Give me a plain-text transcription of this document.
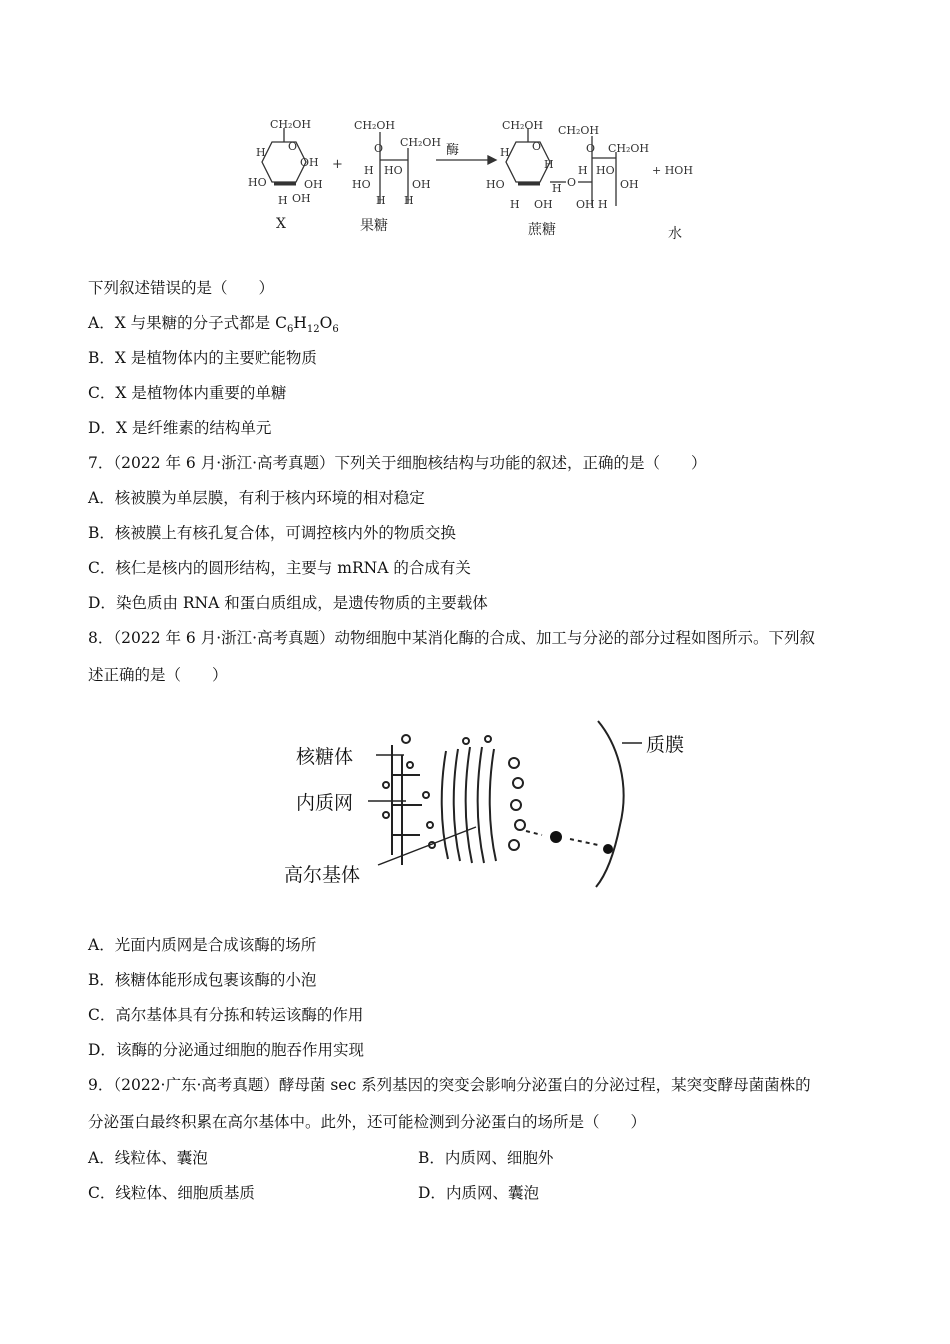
CH₂OH
O
H
OH
HO	OH
OH
H
+
CH₂OH
O CH₂OH
H HO
HO	OH
H H
酶
CH₂OH
O
H
H
HO	H
H OH
O
CH₂OH
O CH₂OH
H HO
OH
OH H
+ HOH
X	果糖	蔗糖	水
下列叙述错误的是（　　）
A．X 与果糖的分子式都是 $C_6H_{12}O_6$
B．X 是植物体内的主要贮能物质
C．X 是植物体内重要的单糖
D．X 是纤维素的结构单元
7．（2022 年 6 月·浙江·高考真题）下列关于细胞核结构与功能的叙述，正确的是（　　）
A．核被膜为单层膜，有利于核内环境的相对稳定
B．核被膜上有核孔复合体，可调控核内外的物质交换
C．核仁是核内的圆形结构，主要与 mRNA 的合成有关
D．染色质由 RNA 和蛋白质组成，是遗传物质的主要载体
8．（2022 年 6 月·浙江·高考真题）动物细胞中某消化酶的合成、加工与分泌的部分过程如图所示。下列叙
述正确的是（　　）
核糖体
内质网
高尔基体
质膜
A．光面内质网是合成该酶的场所
B．核糖体能形成包裹该酶的小泡
C．高尔基体具有分拣和转运该酶的作用
D．该酶的分泌通过细胞的胞吞作用实现
9．（2022·广东·高考真题）酵母菌 sec 系列基因的突变会影响分泌蛋白的分泌过程，某突变酵母菌菌株的
分泌蛋白最终积累在高尔基体中。此外，还可能检测到分泌蛋白的场所是（　　）
A．线粒体、囊泡	B．内质网、细胞外
C．线粒体、细胞质基质	D．内质网、囊泡
